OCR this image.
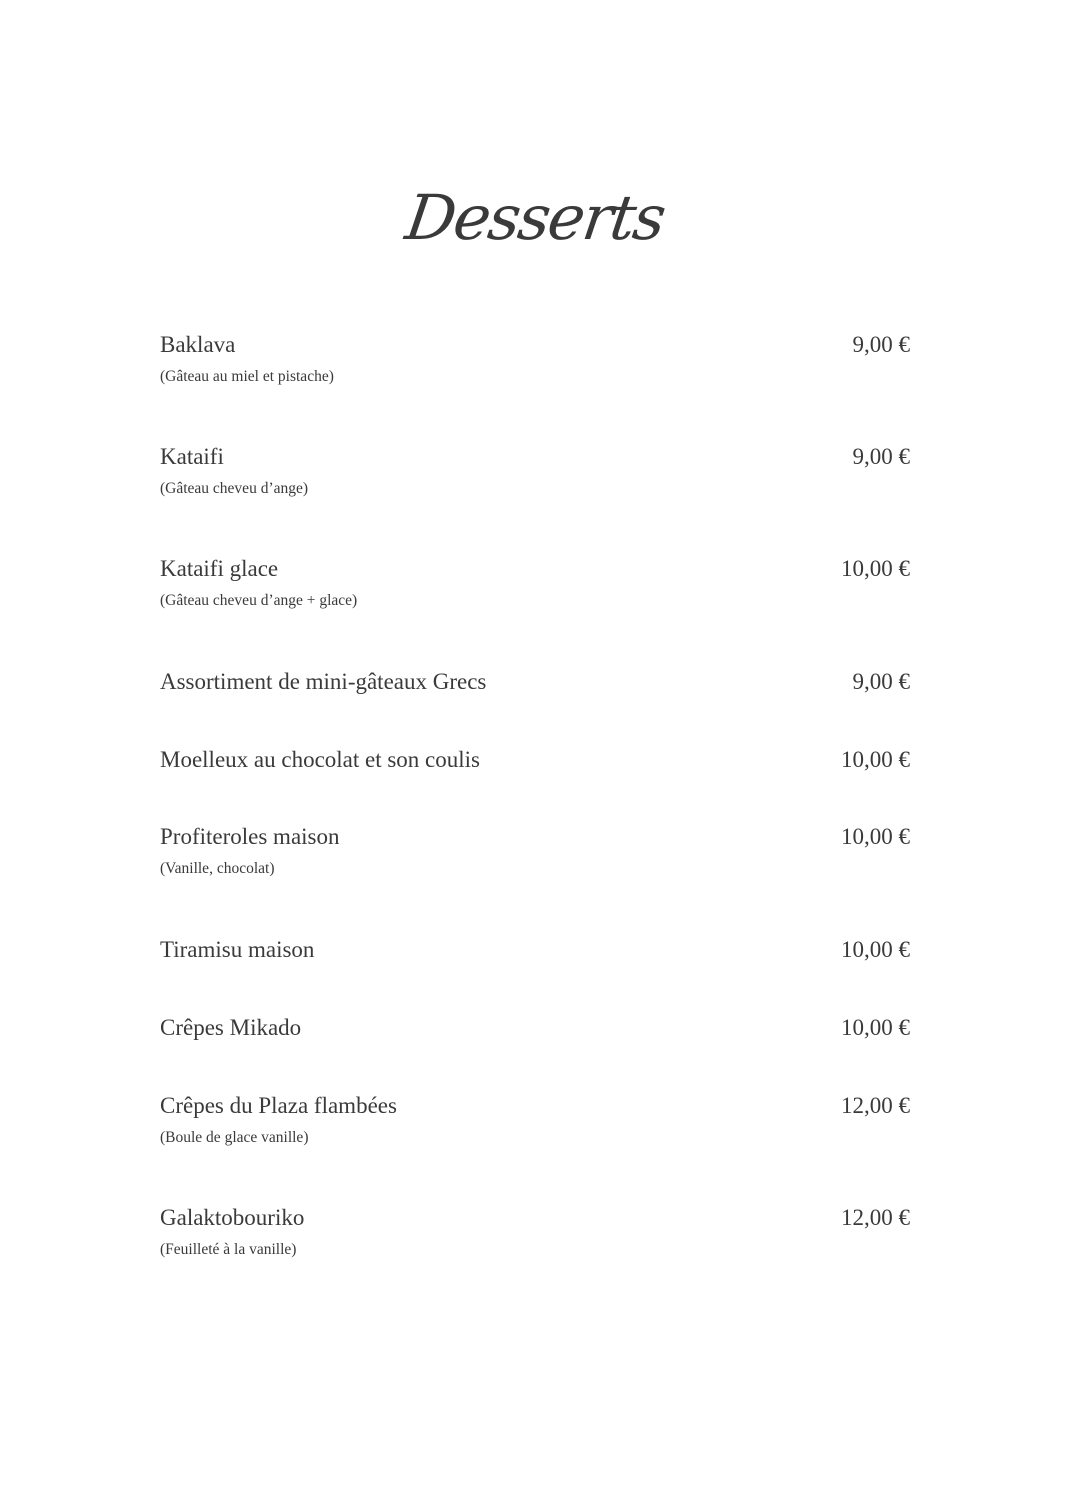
Desserts
Baklava	9,00 €
(Gâteau au miel et pistache)
Kataifi	9,00 €
(Gâteau cheveu d’ange)
Kataifi glace	10,00 €
(Gâteau cheveu d’ange + glace)
Assortiment de mini-gâteaux Grecs	9,00 €
Moelleux au chocolat et son coulis	10,00 €
Profiteroles maison	10,00 €
(Vanille, chocolat)
Tiramisu maison	10,00 €
Crêpes Mikado	10,00 €
Crêpes du Plaza flambées	12,00 €
(Boule de glace vanille)
Galaktobouriko	12,00 €
(Feuilleté à la vanille)
